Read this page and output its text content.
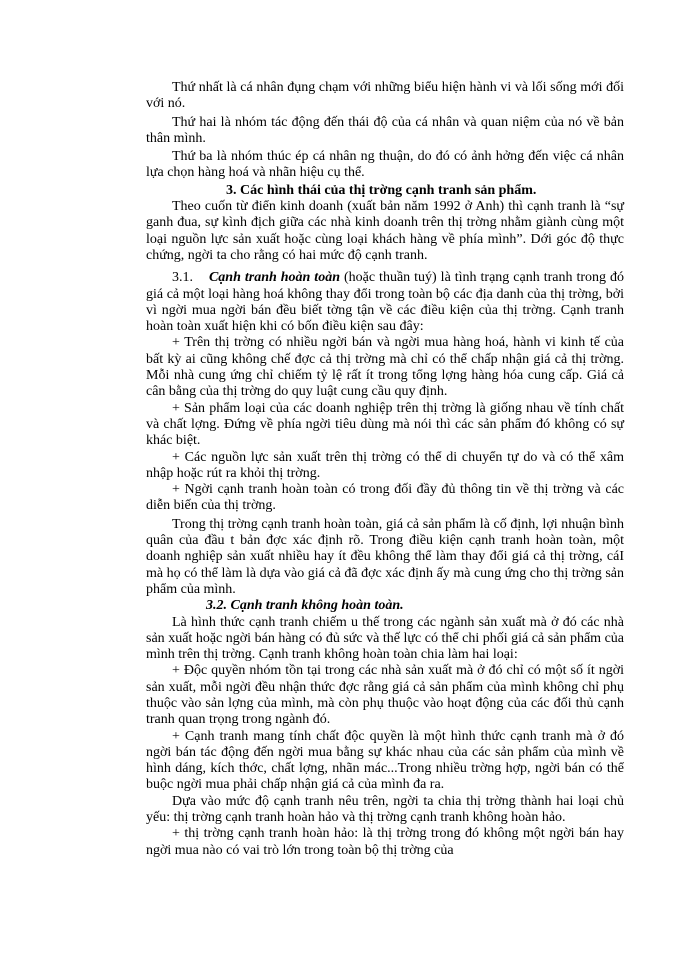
Thứ nhất là cá nhân đụng chạm với những biểu hiện hành vi và lối sống mới đối với nó.

Thứ hai là nhóm tác động đến thái độ của cá nhân và quan niệm của nó về bản thân mình.

Thứ ba là nhóm thúc ép cá nhân ng thuận, do đó có ảnh hởng đến việc cá nhân lựa chọn hàng hoá và nhãn hiệu cụ thể.

3. Các hình thái của thị trờng cạnh tranh sản phẩm.

Theo cuốn từ điển kinh doanh (xuất bản năm 1992 ở Anh) thì cạnh tranh là “sự ganh đua, sự kình địch giữa các nhà kinh doanh trên thị trờng nhằm giành cùng một loại nguồn lực sản xuất hoặc cùng loại khách hàng về phía mình”. Dới góc độ thực chứng, ngời ta cho rằng có hai mức độ cạnh tranh.

3.1. Cạnh tranh hoàn toàn (hoặc thuần tuý) là tình trạng cạnh tranh trong đó giá cả một loại hàng hoá không thay đổi trong toàn bộ các địa danh của thị trờng, bởi vì ngời mua ngời bán đều biết tờng tận về các điều kiện của thị trờng. Cạnh tranh hoàn toàn xuất hiện khi có bốn điều kiện sau đây:

+ Trên thị trờng có nhiều ngời bán và ngời mua hàng hoá, hành vi kinh tế của bất kỳ ai cũng không chế đợc cả thị trờng mà chỉ có thể chấp nhận giá cả thị trờng. Mỗi nhà cung ứng chỉ chiếm tỷ lệ rất ít trong tổng lợng hàng hóa cung cấp. Giá cả cân bằng của thị trờng do quy luật cung cầu quy định.

+ Sản phẩm loại của các doanh nghiệp trên thị trờng là giống nhau về tính chất và chất lợng. Đứng về phía ngời tiêu dùng mà nói thì các sản phẩm đó không có sự khác biệt.

+ Các nguồn lực sản xuất trên thị trờng có thể di chuyển tự do và có thể xâm nhập hoặc rút ra khỏi thị trờng.

+ Ngời cạnh tranh hoàn toàn có trong đối đầy đủ thông tin về thị trờng và các diễn biến của thị trờng.

Trong thị trờng cạnh tranh hoàn toàn, giá cả sản phẩm là cố định, lợi nhuận bình quân của đầu t bản đợc xác định rõ. Trong điều kiện cạnh tranh hoàn toàn, một doanh nghiệp sản xuất nhiều hay ít đều không thể làm thay đổi giá cả thị trờng, cáI mà họ có thể làm là dựa vào giá cả đã đợc xác định ấy mà cung ứng cho thị trờng sản phẩm của mình.

3.2. Cạnh tranh không hoàn toàn.

Là hình thức cạnh tranh chiếm u thế trong các ngành sản xuất mà ở đó các nhà sản xuất hoặc ngời bán hàng có đủ sức và thế lực có thể chi phối giá cả sản phẩm của mình trên thị trờng. Cạnh tranh không hoàn toàn chia làm hai loại:

+ Độc quyền nhóm tồn tại trong các nhà sản xuất mà ở đó chỉ có một số ít ngời sản xuất, mỗi ngời đều nhận thức đợc rằng giá cả sản phẩm của mình không chỉ phụ thuộc vào sản lợng của mình, mà còn phụ thuộc vào hoạt động của các đối thủ cạnh tranh quan trọng trong ngành đó.

+ Cạnh tranh mang tính chất độc quyền là một hình thức cạnh tranh mà ở đó ngời bán tác động đến ngời mua bằng sự khác nhau của các sản phẩm của mình về hình dáng, kích thớc, chất lợng, nhãn mác...Trong nhiều trờng hợp, ngời bán có thể buộc ngời mua phải chấp nhận giá cả của mình đa ra.

Dựa vào mức độ cạnh tranh nêu trên, ngời ta chia thị trờng thành hai loại chủ yếu: thị trờng cạnh tranh hoàn hảo và thị trờng cạnh tranh không hoàn hảo.

+ thị trờng cạnh tranh hoàn hảo: là thị trờng trong đó không một ngời bán hay ngời mua nào có vai trò lớn trong toàn bộ thị trờng của
